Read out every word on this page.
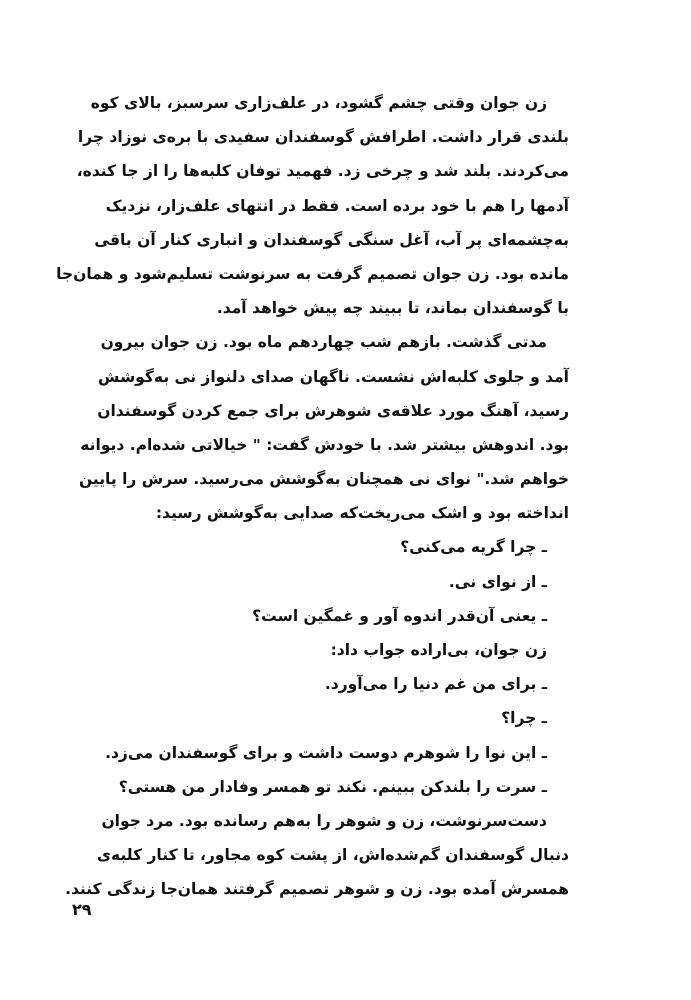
زن جوان وقتی چشم گشود، در علف‌زاری سرسبز، بالای کوه
بلندی قرار داشت. اطرافش گوسفندان سفیدی با بره‌ی نوزاد چرا
می‌کردند. بلند شد و چرخی زد. فهمید توفان کلبه‌ها را از جا کنده،
آدمها را هم با خود برده است. فقط در انتهای علف‌زار، نزدیک
به‌چشمه‌ای پر آب، آغل سنگی گوسفندان و انباری کنار آن باقی
مانده بود. زن جوان تصمیم گرفت به سرنوشت تسلیم‌شود و همان‌جا
با گوسفندان بماند، تا ببیند چه پیش خواهد آمد.
مدتی گذشت. بازهم شب چهاردهم ماه بود. زن جوان بیرون
آمد و جلوی کلبه‌اش نشست. ناگهان صدای دلنواز نی به‌گوشش
رسید، آهنگ مورد علاقه‌ی شوهرش برای جمع کردن گوسفندان
بود. اندوهش بیشتر شد. با خودش گفت: " خیالاتی شده‌ام. دیوانه
خواهم شد." نوای نی همچنان به‌گوشش می‌رسید. سرش را پایین
انداخته بود و اشک می‌ریخت‌که صدایی به‌گوشش رسید:
ـ چرا گریه می‌کنی؟
ـ از نوای نی.
ـ یعنی آن‌قدر اندوه آور و غمگین است؟
زن جوان، بی‌اراده جواب داد:
ـ برای من غم دنیا را می‌آورد.
ـ چرا؟
ـ این نوا را شوهرم دوست داشت و برای گوسفندان می‌زد.
ـ سرت را بلندکن ببینم. نکند تو همسر وفادار من هستی؟
دست‌سرنوشت، زن و شوهر را به‌هم رسانده بود. مرد جوان
دنبال گوسفندان گم‌شده‌اش، از پشت کوه مجاور، تا کنار کلبه‌ی
همسرش آمده بود. زن و شوهر تصمیم گرفتند همان‌جا زندگی کنند.
۲۹
